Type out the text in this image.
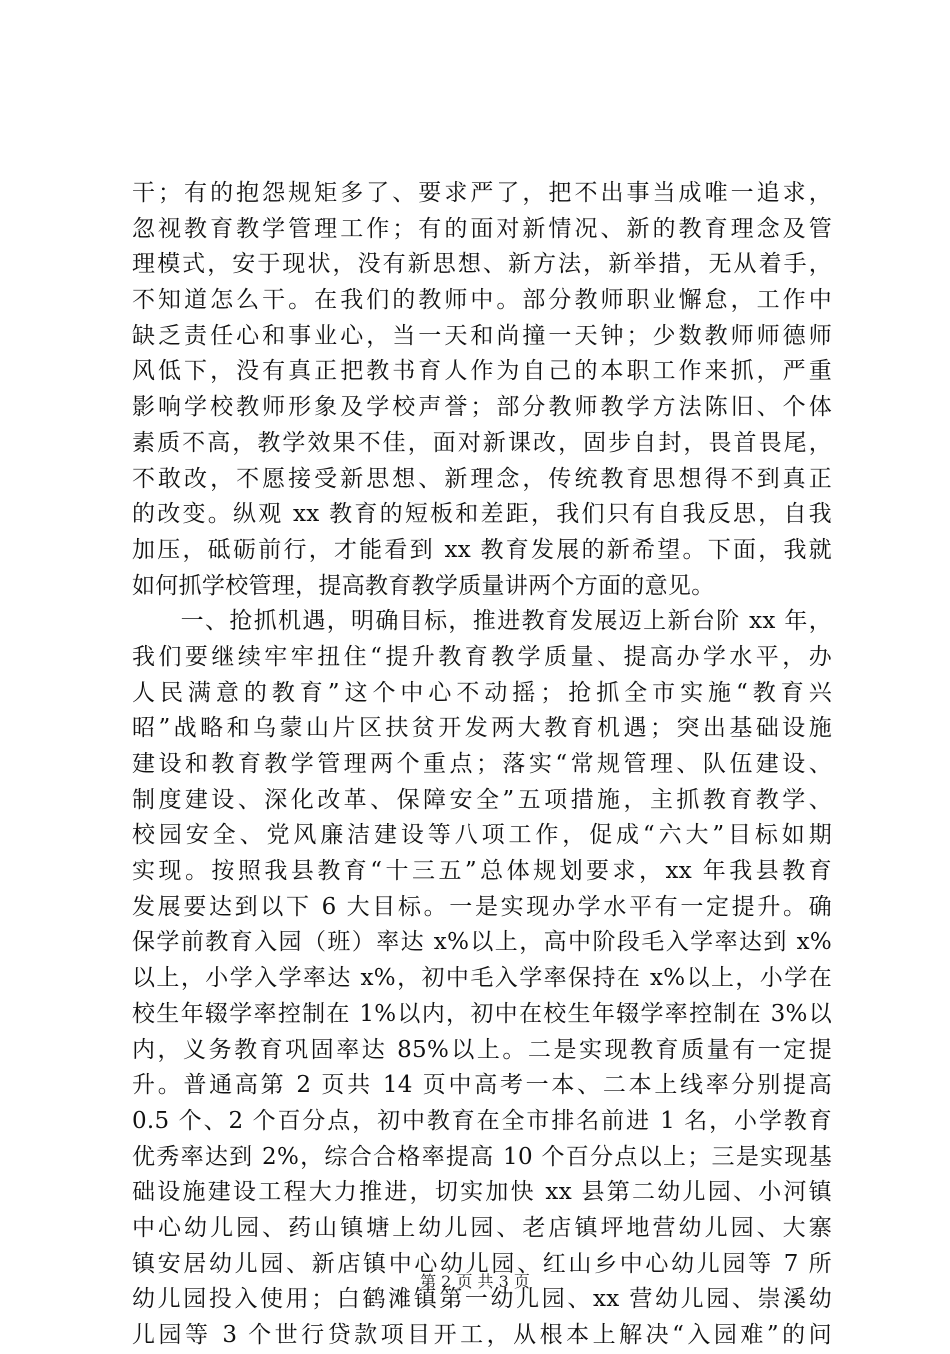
干；有的抱怨规矩多了、要求严了，把不出事当成唯一追求，
忽视教育教学管理工作；有的面对新情况、新的教育理念及管
理模式，安于现状，没有新思想、新方法，新举措，无从着手，
不知道怎么干。在我们的教师中。部分教师职业懈怠，工作中
缺乏责任心和事业心，当一天和尚撞一天钟；少数教师师德师
风低下，没有真正把教书育人作为自己的本职工作来抓，严重
影响学校教师形象及学校声誉；部分教师教学方法陈旧、个体
素质不高，教学效果不佳，面对新课改，固步自封，畏首畏尾，
不敢改，不愿接受新思想、新理念，传统教育思想得不到真正
的改变。纵观 xx 教育的短板和差距，我们只有自我反思，自我
加压，砥砺前行，才能看到 xx 教育发展的新希望。下面，我就
如何抓学校管理，提高教育教学质量讲两个方面的意见。
　　一、抢抓机遇，明确目标，推进教育发展迈上新台阶 xx 年，
我们要继续牢牢扭住“提升教育教学质量、提高办学水平，办
人民满意的教育”这个中心不动摇；抢抓全市实施“教育兴
昭”战略和乌蒙山片区扶贫开发两大教育机遇；突出基础设施
建设和教育教学管理两个重点；落实“常规管理、队伍建设、
制度建设、深化改革、保障安全”五项措施，主抓教育教学、
校园安全、党风廉洁建设等八项工作，促成“六大”目标如期
实现。按照我县教育“十三五”总体规划要求，xx 年我县教育
发展要达到以下 6 大目标。一是实现办学水平有一定提升。确
保学前教育入园（班）率达 x%以上，高中阶段毛入学率达到 x%
以上，小学入学率达 x%，初中毛入学率保持在 x%以上，小学在
校生年辍学率控制在 1%以内，初中在校生年辍学率控制在 3%以
内，义务教育巩固率达 85%以上。二是实现教育质量有一定提
升。普通高第 2 页共 14 页中高考一本、二本上线率分别提高
0.5 个、2 个百分点，初中教育在全市排名前进 1 名，小学教育
优秀率达到 2%，综合合格率提高 10 个百分点以上；三是实现基
础设施建设工程大力推进，切实加快 xx 县第二幼儿园、小河镇
中心幼儿园、药山镇塘上幼儿园、老店镇坪地营幼儿园、大寨
镇安居幼儿园、新店镇中心幼儿园、红山乡中心幼儿园等 7 所
幼儿园投入使用；白鹤滩镇第一幼儿园、xx 营幼儿园、崇溪幼
儿园等 3 个世行贷款项目开工，从根本上解决“入园难”的问
第 2 页 共 3 页
